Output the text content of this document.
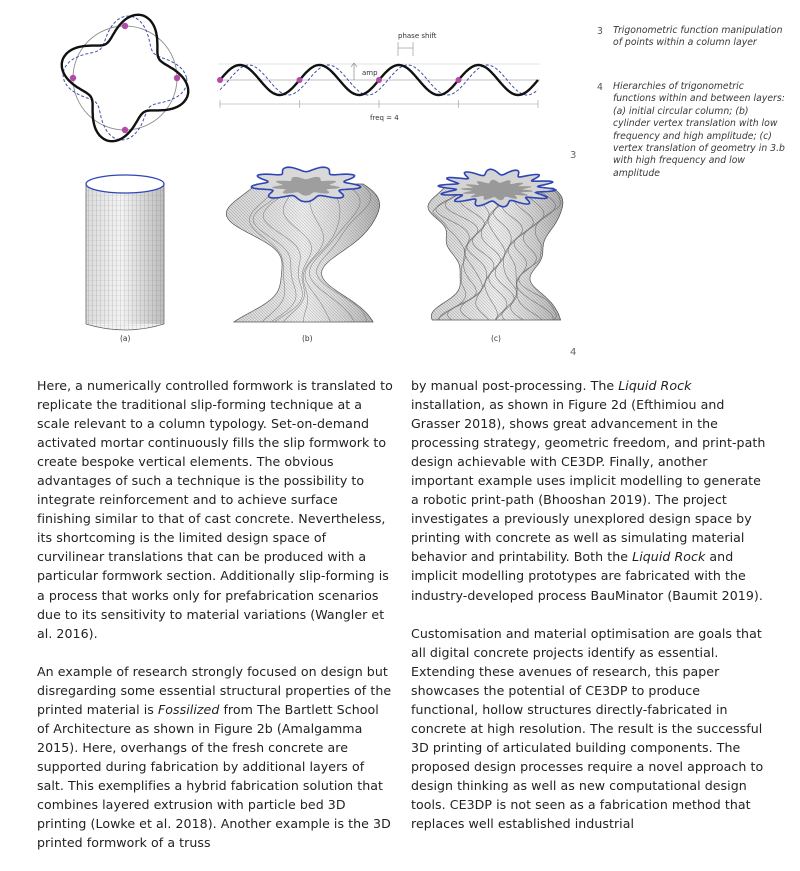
phase shift
amp
freq = 4
(a)	(b)	(c)
3
4
3 Trigonometric function manipulation of points within a column layer
4 Hierarchies of trigonometric functions within and between layers: (a) initial circular column; (b) cylinder vertex translation with low frequency and high amplitude; (c) vertex translation of geometry in 3.b with high frequency and low amplitude

Here, a numerically controlled formwork is translated to replicate the traditional slip-forming technique at a scale relevant to a column typology. Set-on-demand activated mortar continuously fills the slip formwork to create bespoke vertical elements. The obvious advantages of such a technique is the possibility to integrate reinforcement and to achieve surface finishing similar to that of cast concrete. Nevertheless, its shortcoming is the limited design space of curvilinear translations that can be produced with a particular formwork section. Additionally slip-forming is a process that works only for prefabrication scenarios due to its sensitivity to material variations (Wangler et al. 2016).

An example of research strongly focused on design but disregarding some essential structural properties of the printed material is Fossilized from The Bartlett School of Architecture as shown in Figure 2b (Amalgamma 2015). Here, overhangs of the fresh concrete are supported during fabrication by additional layers of salt. This exemplifies a hybrid fabrication solution that combines layered extrusion with particle bed 3D printing (Lowke et al. 2018). Another example is the 3D printed formwork of a truss

by manual post-processing. The Liquid Rock installation, as shown in Figure 2d (Efthimiou and Grasser 2018), shows great advancement in the processing strategy, geometric freedom, and print-path design achievable with CE3DP. Finally, another important example uses implicit modelling to generate a robotic print-path (Bhooshan 2019). The project investigates a previously unexplored design space by printing with concrete as well as simulating material behavior and printability. Both the Liquid Rock and implicit modelling prototypes are fabricated with the industry-developed process BauMinator (Baumit 2019).

Customisation and material optimisation are goals that all digital concrete projects identify as essential. Extending these avenues of research, this paper showcases the potential of CE3DP to produce functional, hollow structures directly-fabricated in concrete at high resolution. The result is the successful 3D printing of articulated building components. The proposed design processes require a novel approach to design thinking as well as new computational design tools. CE3DP is not seen as a fabrication method that replaces well established industrial
